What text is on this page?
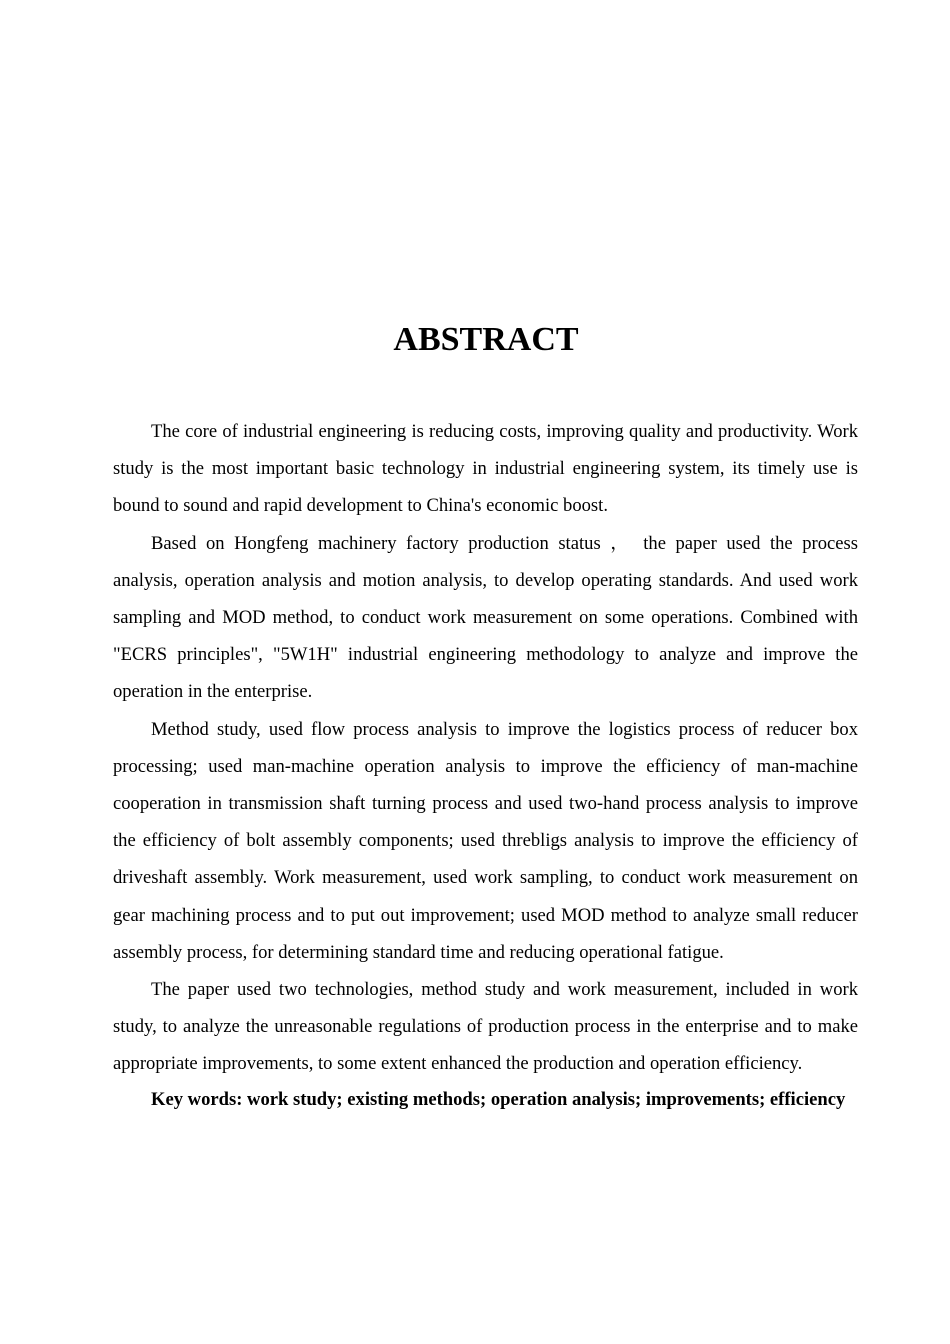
ABSTRACT

The core of industrial engineering is reducing costs, improving quality and productivity. Work study is the most important basic technology in industrial engineering system, its timely use is bound to sound and rapid development to China's economic boost.

Based on Hongfeng machinery factory production status ， the paper used the process analysis, operation analysis and motion analysis, to develop operating standards. And used work sampling and MOD method, to conduct work measurement on some operations. Combined with "ECRS principles", "5W1H" industrial engineering methodology to analyze and improve the operation in the enterprise.

Method study, used flow process analysis to improve the logistics process of reducer box processing; used man-machine operation analysis to improve the efficiency of man-machine cooperation in transmission shaft turning process and used two-hand process analysis to improve the efficiency of bolt assembly components; used threbligs analysis to improve the efficiency of driveshaft assembly. Work measurement, used work sampling, to conduct work measurement on gear machining process and to put out improvement; used MOD method to analyze small reducer assembly process, for determining standard time and reducing operational fatigue.

The paper used two technologies, method study and work measurement, included in work study, to analyze the unreasonable regulations of production process in the enterprise and to make appropriate improvements, to some extent enhanced the production and operation efficiency.

Key words: work study; existing methods; operation analysis; improvements; efficiency
